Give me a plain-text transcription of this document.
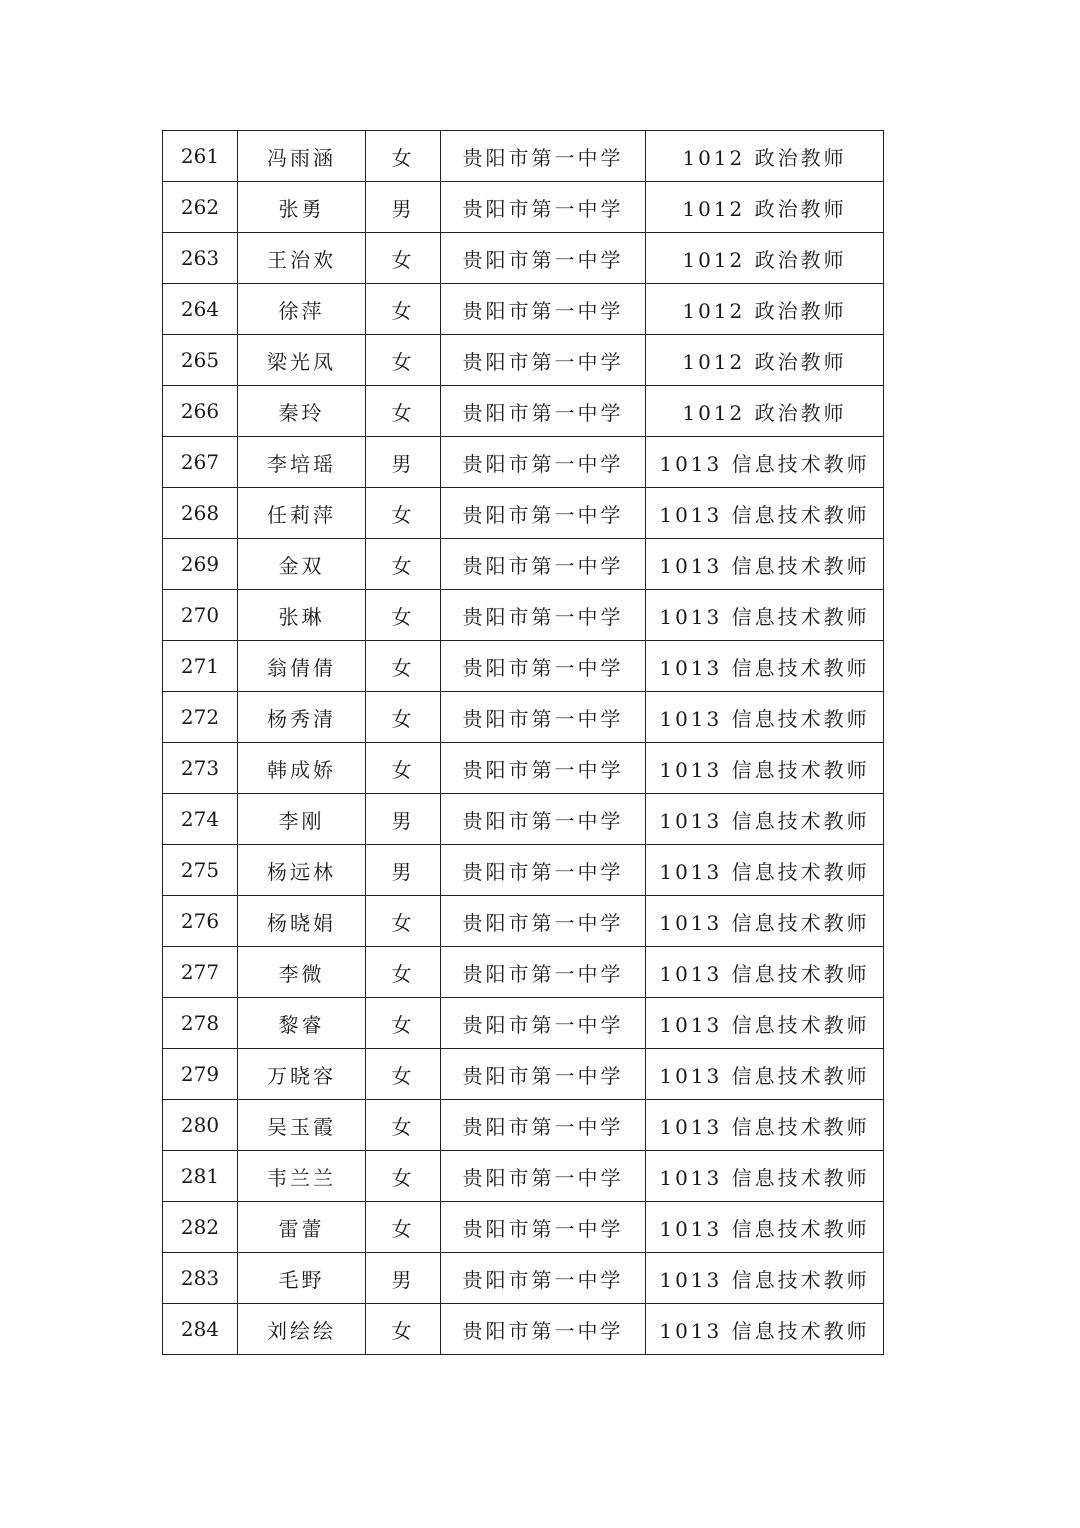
261	冯雨涵	女	贵阳市第一中学	1012 政治教师
262	张勇	男	贵阳市第一中学	1012 政治教师
263	王治欢	女	贵阳市第一中学	1012 政治教师
264	徐萍	女	贵阳市第一中学	1012 政治教师
265	梁光凤	女	贵阳市第一中学	1012 政治教师
266	秦玲	女	贵阳市第一中学	1012 政治教师
267	李培瑶	男	贵阳市第一中学	1013 信息技术教师
268	任莉萍	女	贵阳市第一中学	1013 信息技术教师
269	金双	女	贵阳市第一中学	1013 信息技术教师
270	张琳	女	贵阳市第一中学	1013 信息技术教师
271	翁倩倩	女	贵阳市第一中学	1013 信息技术教师
272	杨秀清	女	贵阳市第一中学	1013 信息技术教师
273	韩成娇	女	贵阳市第一中学	1013 信息技术教师
274	李刚	男	贵阳市第一中学	1013 信息技术教师
275	杨远林	男	贵阳市第一中学	1013 信息技术教师
276	杨晓娟	女	贵阳市第一中学	1013 信息技术教师
277	李微	女	贵阳市第一中学	1013 信息技术教师
278	黎睿	女	贵阳市第一中学	1013 信息技术教师
279	万晓容	女	贵阳市第一中学	1013 信息技术教师
280	吴玉霞	女	贵阳市第一中学	1013 信息技术教师
281	韦兰兰	女	贵阳市第一中学	1013 信息技术教师
282	雷蕾	女	贵阳市第一中学	1013 信息技术教师
283	毛野	男	贵阳市第一中学	1013 信息技术教师
284	刘绘绘	女	贵阳市第一中学	1013 信息技术教师
